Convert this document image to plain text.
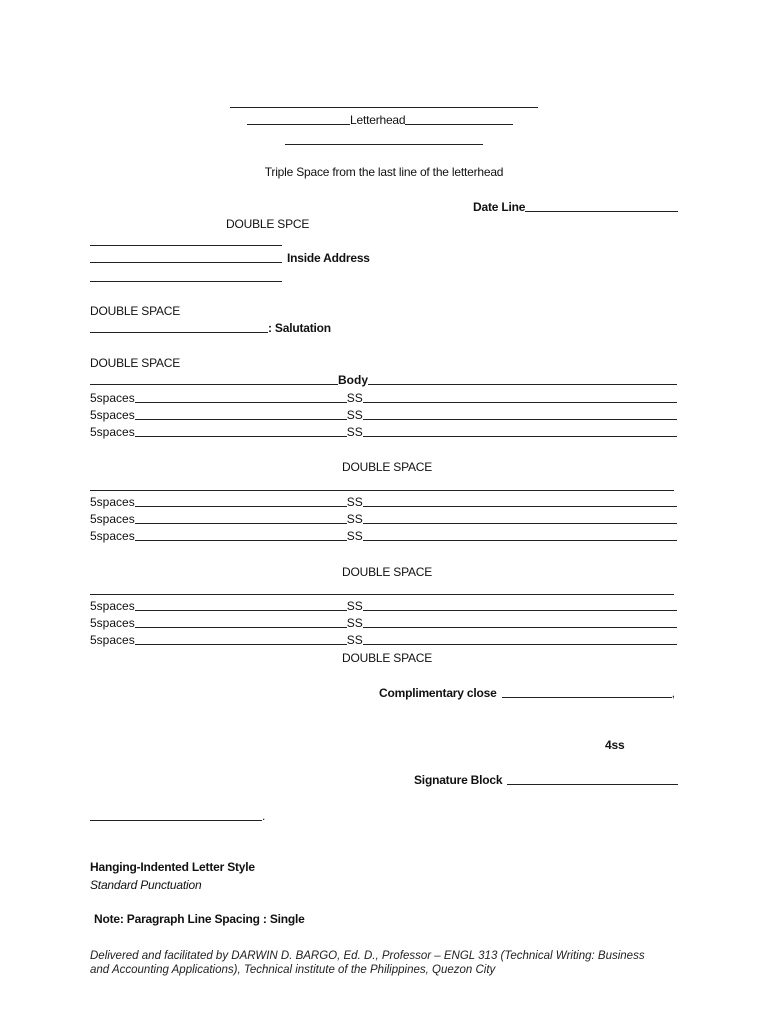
Letterhead
Triple Space from the last line of the letterhead
Date Line
DOUBLE SPCE
Inside Address
DOUBLE SPACE
: Salutation
DOUBLE SPACE
Body
5spaces	SS
5spaces	SS
5spaces	SS
DOUBLE SPACE
5spaces	SS
5spaces	SS
5spaces	SS
DOUBLE SPACE
5spaces	SS
5spaces	SS
5spaces	SS
DOUBLE SPACE
Complimentary close	,
4ss
Signature Block
.
Hanging-Indented Letter Style
Standard Punctuation
Note: Paragraph Line Spacing : Single
Delivered and facilitated by DARWIN D. BARGO, Ed. D., Professor – ENGL 313 (Technical Writing: Business and Accounting Applications), Technical institute of the Philippines, Quezon City
